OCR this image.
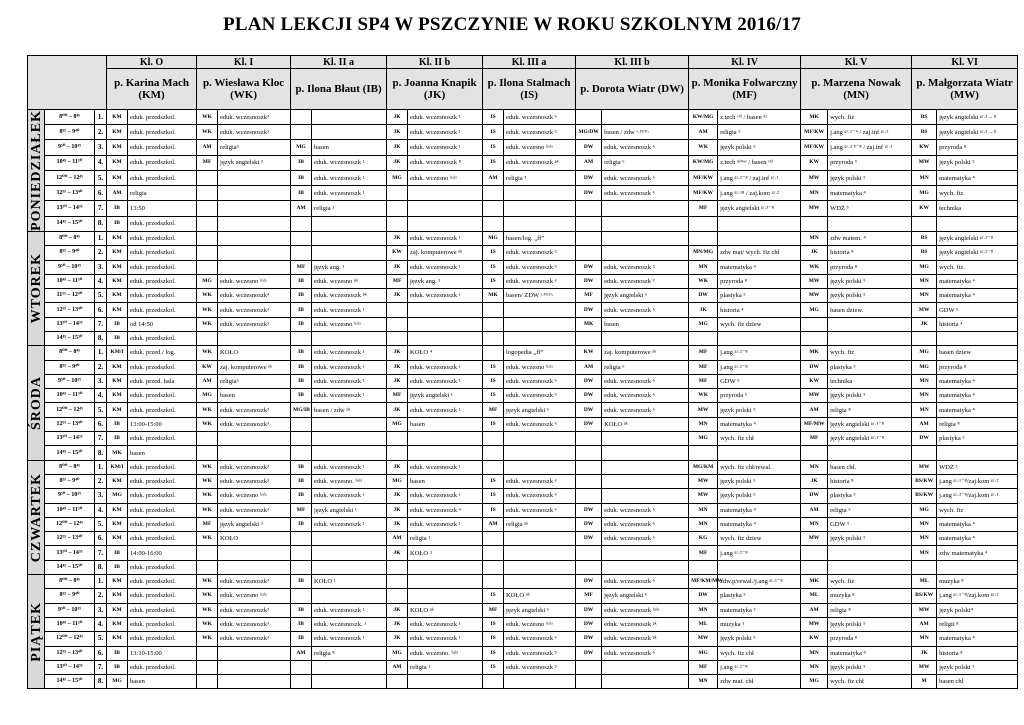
PLAN LEKCJI SP4 W PSZCZYNIE W ROKU SZKOLNYM 2016/17
			Kl. O		Kl. I		Kl. II a		Kl. II b		Kl. III a		Kl. III b		Kl. IV		Kl. V		Kl. VI	
			p. Karina Mach (KM)		p. Wiesława Kloc (WK)		p. Ilona Błaut (IB)		p. Joanna Knapik (JK)		p. Ilona Stalmach (IS)		p. Dorota Wiatr (DW)		p. Monika Folwarczny (MF)		p. Marzena Nowak (MN)		p. Małgorzata Wiatr (MW)	

PONIEDZIAŁEK	8⁰⁰ – 8⁴⁵	1.	KM	eduk. przedszkol.	WK	eduk. wczesnoszk³			JK	eduk. wczesnoszk ¹	IS	eduk. wczesnoszk ⁶			KW/MG	z.tech ᶜʰˡ / basen ᵈᶻ	MK	wych. fiz	BS	język angielski ᵍʳ·³ – ⁸
	8⁵⁵ – 9⁴⁰	2.	KM	eduk. przedszkol.	WK	eduk. wczesnoszk³			JK	eduk. wczesnoszk ¹	IS	eduk. wczesnoszk ⁶	MG/DW	basen / zdw ˢ·ᴾᴱᴰ·	AM	religia ⁵	MF/KW	j.ang ᵍʳ·¹⁻⁴ / zaj.inf ᵍʳ·²	BS	język angielski ᵍʳ·³ – ⁸
	9⁵⁰ – 10³⁵	3.	KM	eduk. przedszkol.	AM	religia³	MG	basen	JK	eduk. wczesnoszk ¹	IS	eduk. wczesno ʰᵃˡᵃ	DW	eduk. wczesnoszk ⁶	WK	język polski ⁵	MF/KW	j.ang ᵍʳ·² ⁵⁻⁸ / zaj.inf ᵍʳ·¹	KW	przyroda ⁸
	10⁴⁵ – 11³⁰	4.	KM	eduk. przedszkol.	MF	język angielski ³	IB	eduk. wczesnoszk ¹	JK	eduk. wczesnoszk ⁸	IS	eduk. wczesnoszk ᵖᵏ	AM	religia ⁶	KW/MG	z.tech ᵈᶻⁱᵉʷ / basen ᶜʰˡ	KW	przyroda ⁵	MW	język polski ⁵
	12⁰⁰ – 12⁴⁵	5.	KM	eduk. przedszkol.			IB	eduk. wczesnoszk ¹	MG	eduk. wczesno ʰᵃˡᵃ	AM	religia ³	DW	eduk. wczesnoszk ⁶	MF/KW	j.ang ᵍʳ·²⁻⁸ / zaj.inf ᵍʳ·¹	MW	język polski ⁵	MN	matematyka ⁴
	12⁵⁵ – 13⁴⁰	6.	AM	religia			IB	eduk. wczesnoszk ¹					DW	eduk. wczesnoszk ⁶	MF/KW	j.ang ᵍʳ·¹⁸ / zaj.kom ᵍʳ·²	MN	matematyka ⁴	MG	wych. fiz.
	13⁵⁰ – 14³⁵	7.	IB	13:50			AM	religia ¹							MF	język angielski ᵍʳ·³⁻⁸	MW	WDŻ ⁵	KW	technika
	14⁴⁵ – 15³⁰	8.	IB	eduk. przedszkol.																

WTOREK	8⁰⁰ – 8⁴⁵	1.	KM	eduk. przedszkol.					JK	eduk. wczesnoszk ¹	MG	basen/log. „ff”					MN	zdw matem. ⁴	BS	język angielski ᵍʳ·²⁻⁸
	8⁵⁵ – 9⁴⁰	2.	KM	eduk. przedszkol.					KW	zaj. komputerowe ᵖᵏ	IS	eduk. wczesnoszk ⁶			MN/MG	zdw mat/ wych. fiz chł	JK	historia ⁸	BS	język angielski ᵍʳ·²⁻⁸
	9⁵⁰ – 10³⁵	3.	KM	eduk. przedszkol.			MF	język ang. ¹	JK	eduk. wczesnoszk ¹	IS	eduk. wczesnoszk ⁶	DW	eduk. wczesnoszk ³	MN	matematyka ⁴	WK	przyroda ⁸	MG	wych. fiz.
	10⁴⁵ – 11³⁰	4.	KM	eduk. przedszkol.	MG	eduk. wczesno ʰᵃˡᵃ	IB	eduk. wczesno ᵖᵏ	MF	język ang. ¹	IS	eduk. wczesnoszk ⁶	DW	eduk. wczesnoszk ³	WK	przyroda ⁸	MW	język polski ⁵	MN	matematyka ⁴
	11⁵⁵ – 12⁴⁰	5.	KM	eduk. przedszkol.	WK	eduk. wczesnoszk³	IB	eduk. wczesnoszk ᵖᵏ	JK	eduk. wczesnoszk ¹	MK	basen/ ZDW ˢ·ᴾᴱᴰ·	MF	język angielski ⁶	DW	plastyka ⁵	MW	język polski ⁵	MN	matematyka ⁴
	12⁵⁵ – 13⁴⁰	6.	KM	eduk. przedszkol.	WK	eduk. wczesnoszk³	IB	eduk. wczesnoszk ¹					DW	eduk. wczesnoszk ⁶	JK	historia ⁴	MG	basen dziew.	MW	GDW ⁵
	13⁵⁰ – 14³⁵	7.	IB	od 14:50	WK	eduk. wczesnoszk³	IB	eduk. wczesno ʰᵃˡᵃ					MK	basen	MG	wych. fiz dziew			JK	historia ⁴
	14⁴⁵ – 15³⁰	8.	IB	eduk. przedszkol.																

ŚRODA	8⁰⁰ – 8⁴⁵	1.	KM/I	eduk. przed./ log.	WK	KOŁO	IB	eduk. wczesnoszk ¹	JK	KOŁO ⁴		logopedia „ff”	KW	zaj. komputerowe ᵖᵏ	MF	j.ang ᵍʳ·²⁻⁸	MK	wych. fiz	MG	basen dziew
	8⁵⁵ – 9⁴⁰	2.	KM	eduk. przedszkol.	KW	zaj. komputerowe ᵖᵏ	IB	eduk. wczesnoszk ¹	JK	eduk. wczesnoszk ¹	IS	eduk. wczesno ʰᵃˡᵃ	AM	religia ⁶	MF	j.ang ᵍʳ·²⁻⁸	DW	plastyka ⁵	MG	przyroda ⁸
	9⁵⁰ – 10³⁵	3.	KM	eduk. przed. hala	AM	religia³	IB	eduk. wczesnoszk ¹	JK	eduk. wczesnoszk ¹	IS	eduk. wczesnoszk ⁶	DW	eduk. wczesnoszk ⁶	MF	GDW ⁵	KW	technika	MN	matematyka ⁴
	10⁴⁵ – 11³⁰	4.	KM	eduk. przedszkol.	MG	basen	IB	eduk. wczesnoszk ¹	MF	język angielski ¹	IS	eduk. wczesnoszk ⁶	DW	eduk. wczesnoszk ⁶	WK	przyroda ⁵	MW	język polski ⁵	MN	matematyka ⁴
	12⁰⁰ – 12⁴⁵	5.	KM	eduk. przedszkol.	WK	eduk. wczesnoszk³	MG/IB	basen / zdw ᵖᵏ	JK	eduk. wczesnoszk ¹	MF	język angielski ⁶	DW	eduk. wczesnoszk ⁶	MW	język polski ⁵	AM	religia ⁸	MN	matematyka ⁴
	12⁵⁵ – 13⁴⁰	6.	IB	13:00-15:00	WK	eduk. wczesnoszk³			MG	basen	IS	eduk. wczesnoszk ⁶	DW	KOŁO ᵖᵏ	MN	matematyka ⁴	MF/MW	język angielski ᵍʳ·¹⁻⁸	AM	religia ⁸
	13⁵⁰ – 14³⁵	7.	IB	eduk. przedszkol.											MG	wych. fiz chł	MF	język angielski ᵍʳ·¹⁻⁸	DW	plastyka ⁵
	14⁴⁵ – 15³⁰	8.	MK	basen																

CZWARTEK	8⁰⁰ – 8⁴⁵	1.	KM/I	eduk. przedszkol.	WK	eduk. wczesnoszk³	IB	eduk. wczesnoszk ¹	JK	eduk. wczesnoszk ¹					MG/KM	wych. fiz chł/rewal.	MN	basen chł.	MW	WDŻ ⁵
	8⁵⁵ – 9⁴⁰	2.	KM	eduk. przedszkol.	WK	eduk. wczesnoszk³	IB	eduk. wczesno. ʰᵃˡᵃ	MG	basen	IS	eduk. wczesnoszk ⁶			MW	język polski ⁵	JK	historia ⁸	BS/KW	j.ang ᵍʳ·¹⁻⁸/zaj.kom ᵍʳ·²
	9⁵⁰ – 10³⁵	3.	MG	eduk. przedszkol.	WK	eduk. wczesno ʰᵃˡᵃ	IB	eduk. wczesnoszk ¹	JK	eduk. wczesnoszk ¹	IS	eduk. wczesnoszk ⁶			MW	język polski ⁵	DW	plastyka ⁵	BS/KW	j.ang ᵍʳ·²⁻⁸/zaj.kom ᵍʳ·¹
	10⁴⁵ – 11³⁰	4.	KM	eduk. przedszkol.	WK	eduk. wczesnoszk³	MF	język angielski ¹	JK	eduk. wczesnoszk ⁴	IS	eduk. wczesnoszk ⁶	DW	eduk. wczesnoszk ⁶	MN	matematyka ⁴	AM	religia ⁵	MG	wych. fiz
	12⁰⁰ – 12⁴⁵	5.	KM	eduk. przedszkol.	MF	język angielski ³	IB	eduk. wczesnoszk ¹	JK	eduk. wczesnoszk ¹	AM	religia ᵖᵏ	DW	eduk. wczesnoszk ⁶	MN	matematyka ⁴	MN	GDW ⁵	MN	matematyka ⁴
	12⁵⁵ – 13⁴⁰	6.	KM	eduk. przedszkol.	WK	KOŁO			AM	religia ¹			DW	eduk. wczesnoszk ⁶	KG	wych. fiz dziew	MW	język polski ⁵	MN	matematyka ⁴
	13⁵⁰ – 14³⁵	7.	IB	14:00-16:00					JK	KOŁO ³					MF	j.ang ᵍʳ·²⁻⁸			MN	zdw matematyka ⁴
	14⁴⁵ – 15³⁰	8.	IB	eduk. przedszkol.																

PIĄTEK	8⁰⁰ – 8⁴⁵	1.	KM	eduk. przedszkol.	WK	eduk. wczesnoszk³	IB	KOŁO ¹					DW	eduk. wczesnoszk ⁶	MF/KM/MW	zdw.p/rewal./j.ang ᵍʳ·¹⁻⁸	MK	wych. fiz	ML	muzyka ⁸
	8⁵⁵ – 9⁴⁰	2.	KM	eduk. przedszkol.	WK	eduk. wczesno ʰᵃˡᵃ					IS	KOŁO ᵖᵏ	MF	język angielski ⁶	DW	plastyka ⁵	ML	muzyka ⁸	BS/KW	j.ang ᵍʳ·¹⁻⁸/zaj.kom ᵍʳ·²
	9⁵⁰ – 10³⁵	3.	KM	eduk. przedszkol.	WK	eduk. wczesnoszk³	IB	eduk. wczesnoszk ¹	JK	KOŁO ᵖᵏ	MF	język angielski ⁶	DW	eduk. wczesnoszk ʰᵃˡᵃ	MN	matematyka ⁵	AM	religia ⁸	MW	język polski⁴
	10⁴⁵ – 11³⁰	4.	KM	eduk. przedszkol.	WK	eduk. wczesnoszk³	IB	eduk. wczesnoszk. ¹	JK	eduk. wczesnoszk ¹	IS	eduk. wczesno ʰᵃˡᵃ	DW	eduk. wczesnoszk ᵖᵏ	ML	muzyka ⁵	MW	język polski ⁵	AM	religii ⁸
	12⁰⁰ – 12⁴⁵	5.	KM	eduk. przedszkol.	WK	eduk. wczesnoszk³	IB	eduk. wczesnoszk ¹	JK	eduk. wczesnoszk ¹	IS	eduk. wczesnoszk ⁶	DW	eduk. wczesnoszk ᵖᵏ	MW	język polski ⁵	KW	przyroda ⁸	MN	matematyka ⁴
	12⁵⁵ – 13⁴⁰	6.	IB	13:10-15:00			AM	religia ⁸	MG	eduk. wczesno. ʰᵃˡᵃ	IS	eduk. wczesnoszk ³	DW	eduk. wczesnoszk ⁶	MG	wych. fiz chł	MN	matematyka ⁴	JK	historia ⁸
	13⁵⁰ – 14³⁵	7.	IB	eduk. przedszkol.					AM	religia ¹	IS	eduk. wczesnoszk ³			MF	j.ang ᵍʳ·²⁻⁸	MN	język polski ⁵	MW	język polski ⁵
	14⁴⁵ – 15³⁰	8.	MG	basen											MN	zdw mat. chł	MG	wych. fiz chł	M	basen chł
